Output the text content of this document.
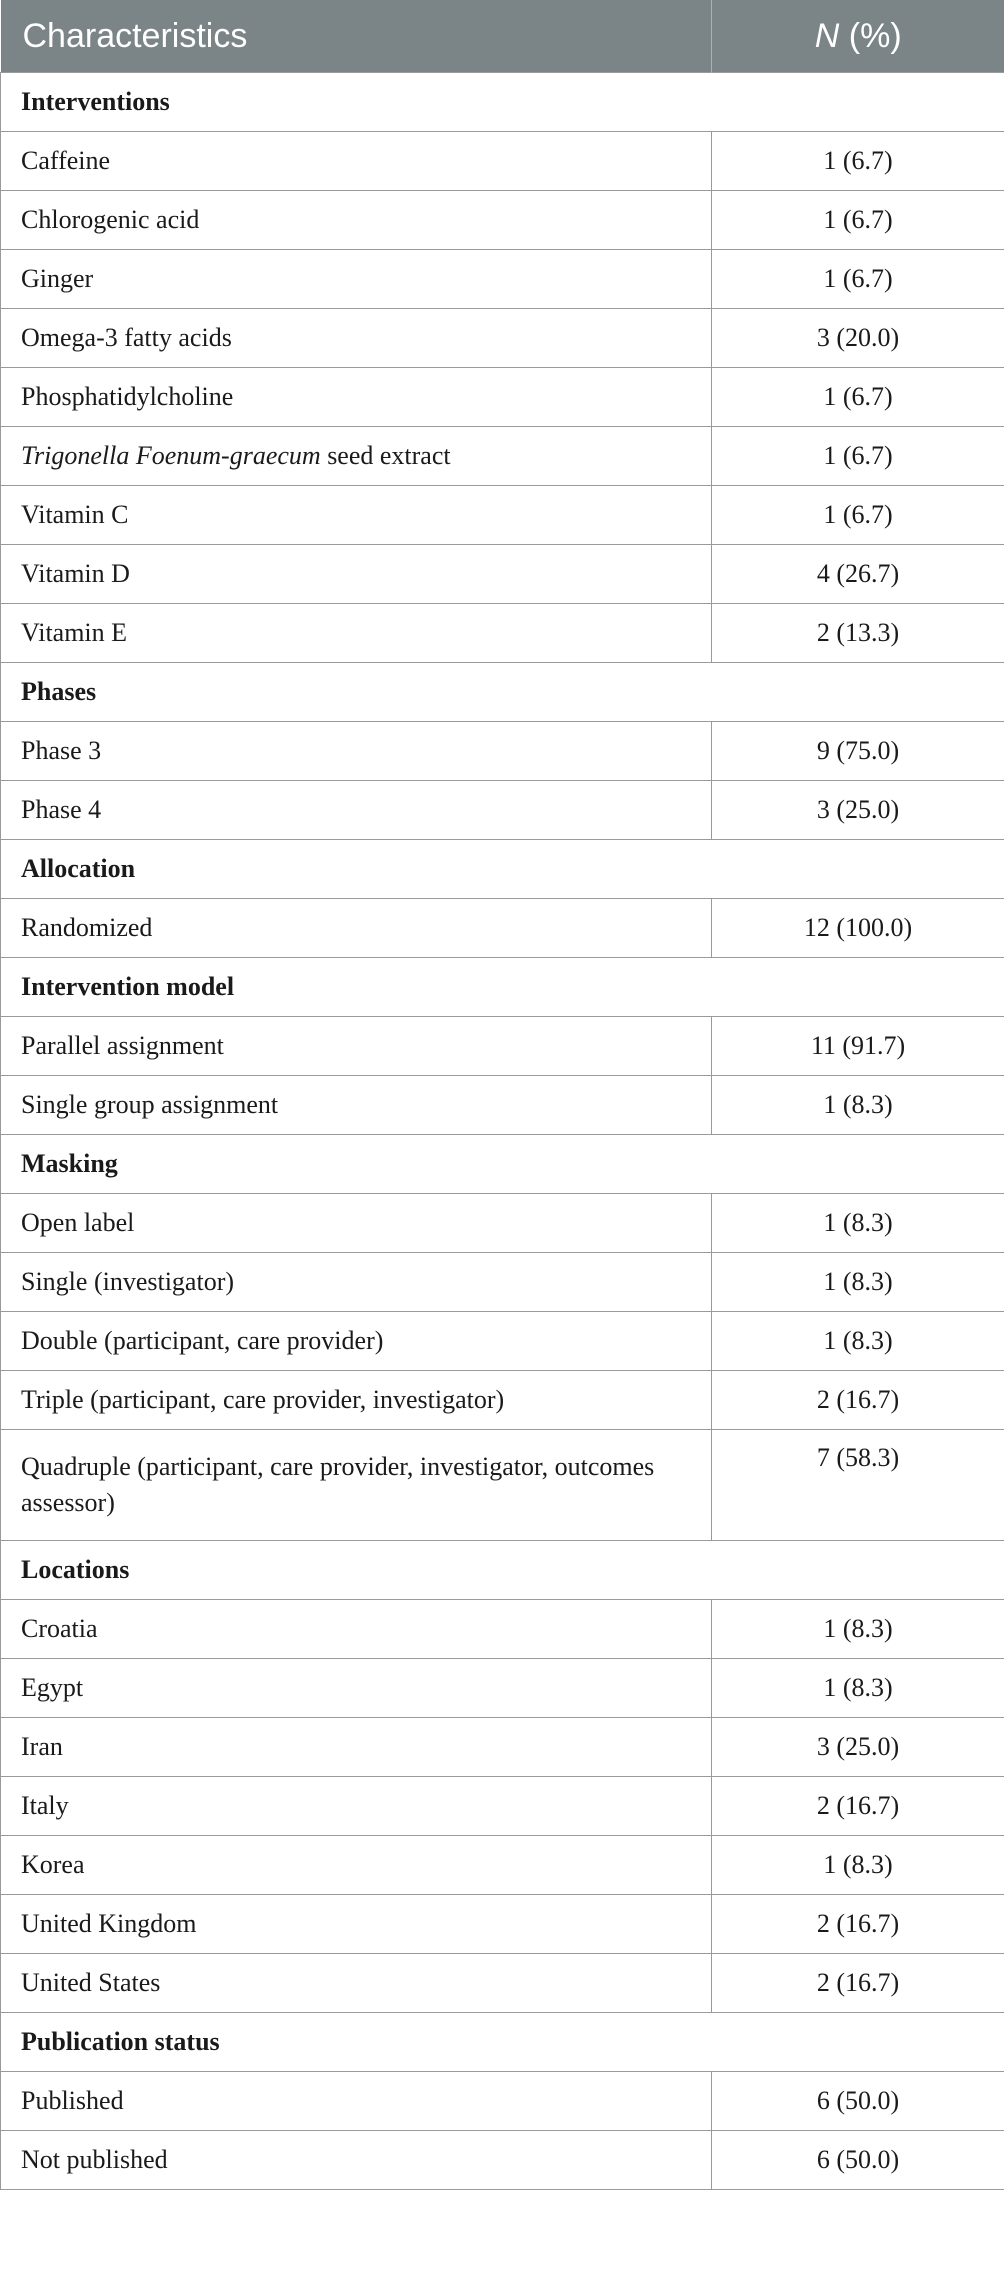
Characteristics	N (%)
Interventions	
Caffeine	1 (6.7)
Chlorogenic acid	1 (6.7)
Ginger	1 (6.7)
Omega-3 fatty acids	3 (20.0)
Phosphatidylcholine	1 (6.7)
Trigonella Foenum-graecum seed extract	1 (6.7)
Vitamin C	1 (6.7)
Vitamin D	4 (26.7)
Vitamin E	2 (13.3)
Phases	
Phase 3	9 (75.0)
Phase 4	3 (25.0)
Allocation	
Randomized	12 (100.0)
Intervention model	
Parallel assignment	11 (91.7)
Single group assignment	1 (8.3)
Masking	
Open label	1 (8.3)
Single (investigator)	1 (8.3)
Double (participant, care provider)	1 (8.3)
Triple (participant, care provider, investigator)	2 (16.7)
Quadruple (participant, care provider, investigator, outcomes assessor)	7 (58.3)
Locations	
Croatia	1 (8.3)
Egypt	1 (8.3)
Iran	3 (25.0)
Italy	2 (16.7)
Korea	1 (8.3)
United Kingdom	2 (16.7)
United States	2 (16.7)
Publication status	
Published	6 (50.0)
Not published	6 (50.0)
